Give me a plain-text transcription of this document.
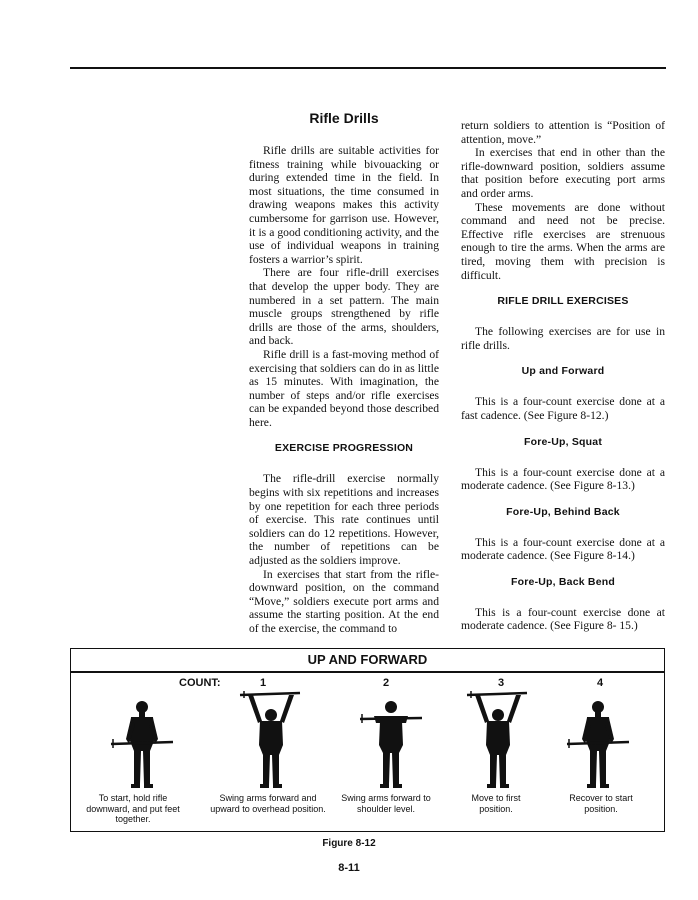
Rifle Drills

Rifle drills are suitable activities for fitness training while bivouacking or during extended time in the field. In most situations, the time consumed in drawing weapons makes this activity cumbersome for garrison use. However, it is a good conditioning activity, and the use of individual weapons in training fosters a warrior’s spirit.

There are four rifle-drill exercises that develop the upper body. They are numbered in a set pattern. The main muscle groups strengthened by rifle drills are those of the arms, shoulders, and back.

Rifle drill is a fast-moving method of exercising that soldiers can do in as little as 15 minutes. With imagination, the number of steps and/or rifle exercises can be expanded beyond those described here.

EXERCISE PROGRESSION

The rifle-drill exercise normally begins with six repetitions and increases by one repetition for each three periods of exercise. This rate continues until soldiers can do 12 repetitions. However, the number of repetitions can be adjusted as the soldiers improve.

In exercises that start from the rifle-downward position, on the command “Move,” soldiers execute port arms and assume the starting position. At the end of the exercise, the command to

return soldiers to attention is “Position of attention, move.”

In exercises that end in other than the rifle-downward position, soldiers assume that position before executing port arms and order arms.

These movements are done without command and need not be precise. Effective rifle exercises are strenuous enough to tire the arms. When the arms are tired, moving them with precision is difficult.

RIFLE DRILL EXERCISES

The following exercises are for use in rifle drills.

Up and Forward

This is a four-count exercise done at a fast cadence. (See Figure 8-12.)

Fore-Up, Squat

This is a four-count exercise done at a moderate cadence. (See Figure 8-13.)

Fore-Up, Behind Back

This is a four-count exercise done at a moderate cadence. (See Figure 8-14.)

Fore-Up, Back Bend

This is a four-count exercise done at moderate cadence. (See Figure 8- 15.)

UP AND FORWARD
COUNT:	1	2	3	4
To start, hold rifle downward, and put feet together.
Swing arms forward and upward to overhead position.
Swing arms forward to shoulder level.
Move to first position.
Recover to start position.
Figure 8-12
8-11
